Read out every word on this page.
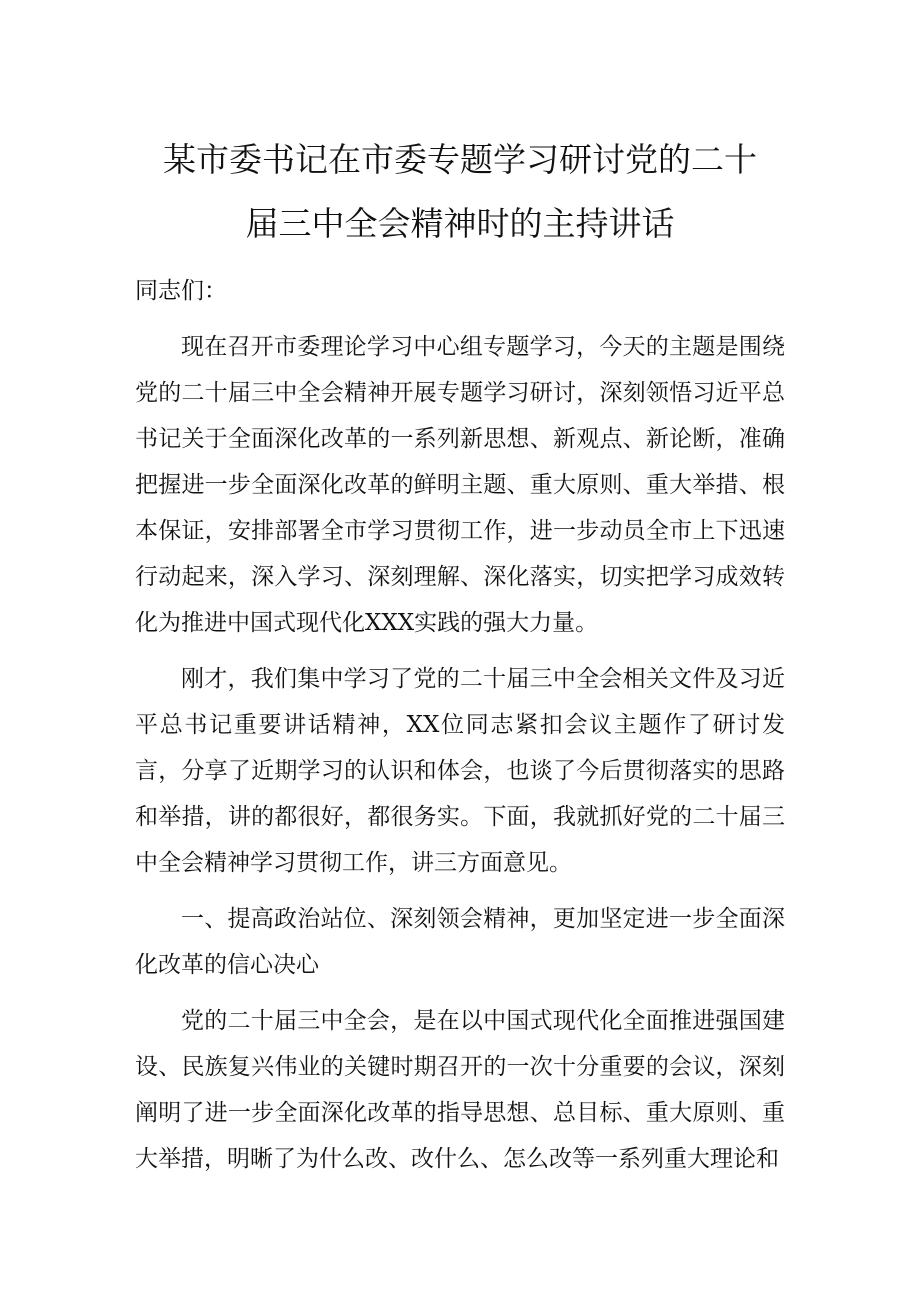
某市委书记在市委专题学习研讨党的二十
届三中全会精神时的主持讲话

同志们：

现在召开市委理论学习中心组专题学习，今天的主题是围绕党的二十届三中全会精神开展专题学习研讨，深刻领悟习近平总书记关于全面深化改革的一系列新思想、新观点、新论断，准确把握进一步全面深化改革的鲜明主题、重大原则、重大举措、根本保证，安排部署全市学习贯彻工作，进一步动员全市上下迅速行动起来，深入学习、深刻理解、深化落实，切实把学习成效转化为推进中国式现代化XXX实践的强大力量。

刚才，我们集中学习了党的二十届三中全会相关文件及习近平总书记重要讲话精神，XX位同志紧扣会议主题作了研讨发言，分享了近期学习的认识和体会，也谈了今后贯彻落实的思路和举措，讲的都很好，都很务实。下面，我就抓好党的二十届三中全会精神学习贯彻工作，讲三方面意见。

一、提高政治站位、深刻领会精神，更加坚定进一步全面深化改革的信心决心

党的二十届三中全会，是在以中国式现代化全面推进强国建设、民族复兴伟业的关键时期召开的一次十分重要的会议，深刻阐明了进一步全面深化改革的指导思想、总目标、重大原则、重大举措，明晰了为什么改、改什么、怎么改等一系列重大理论和
